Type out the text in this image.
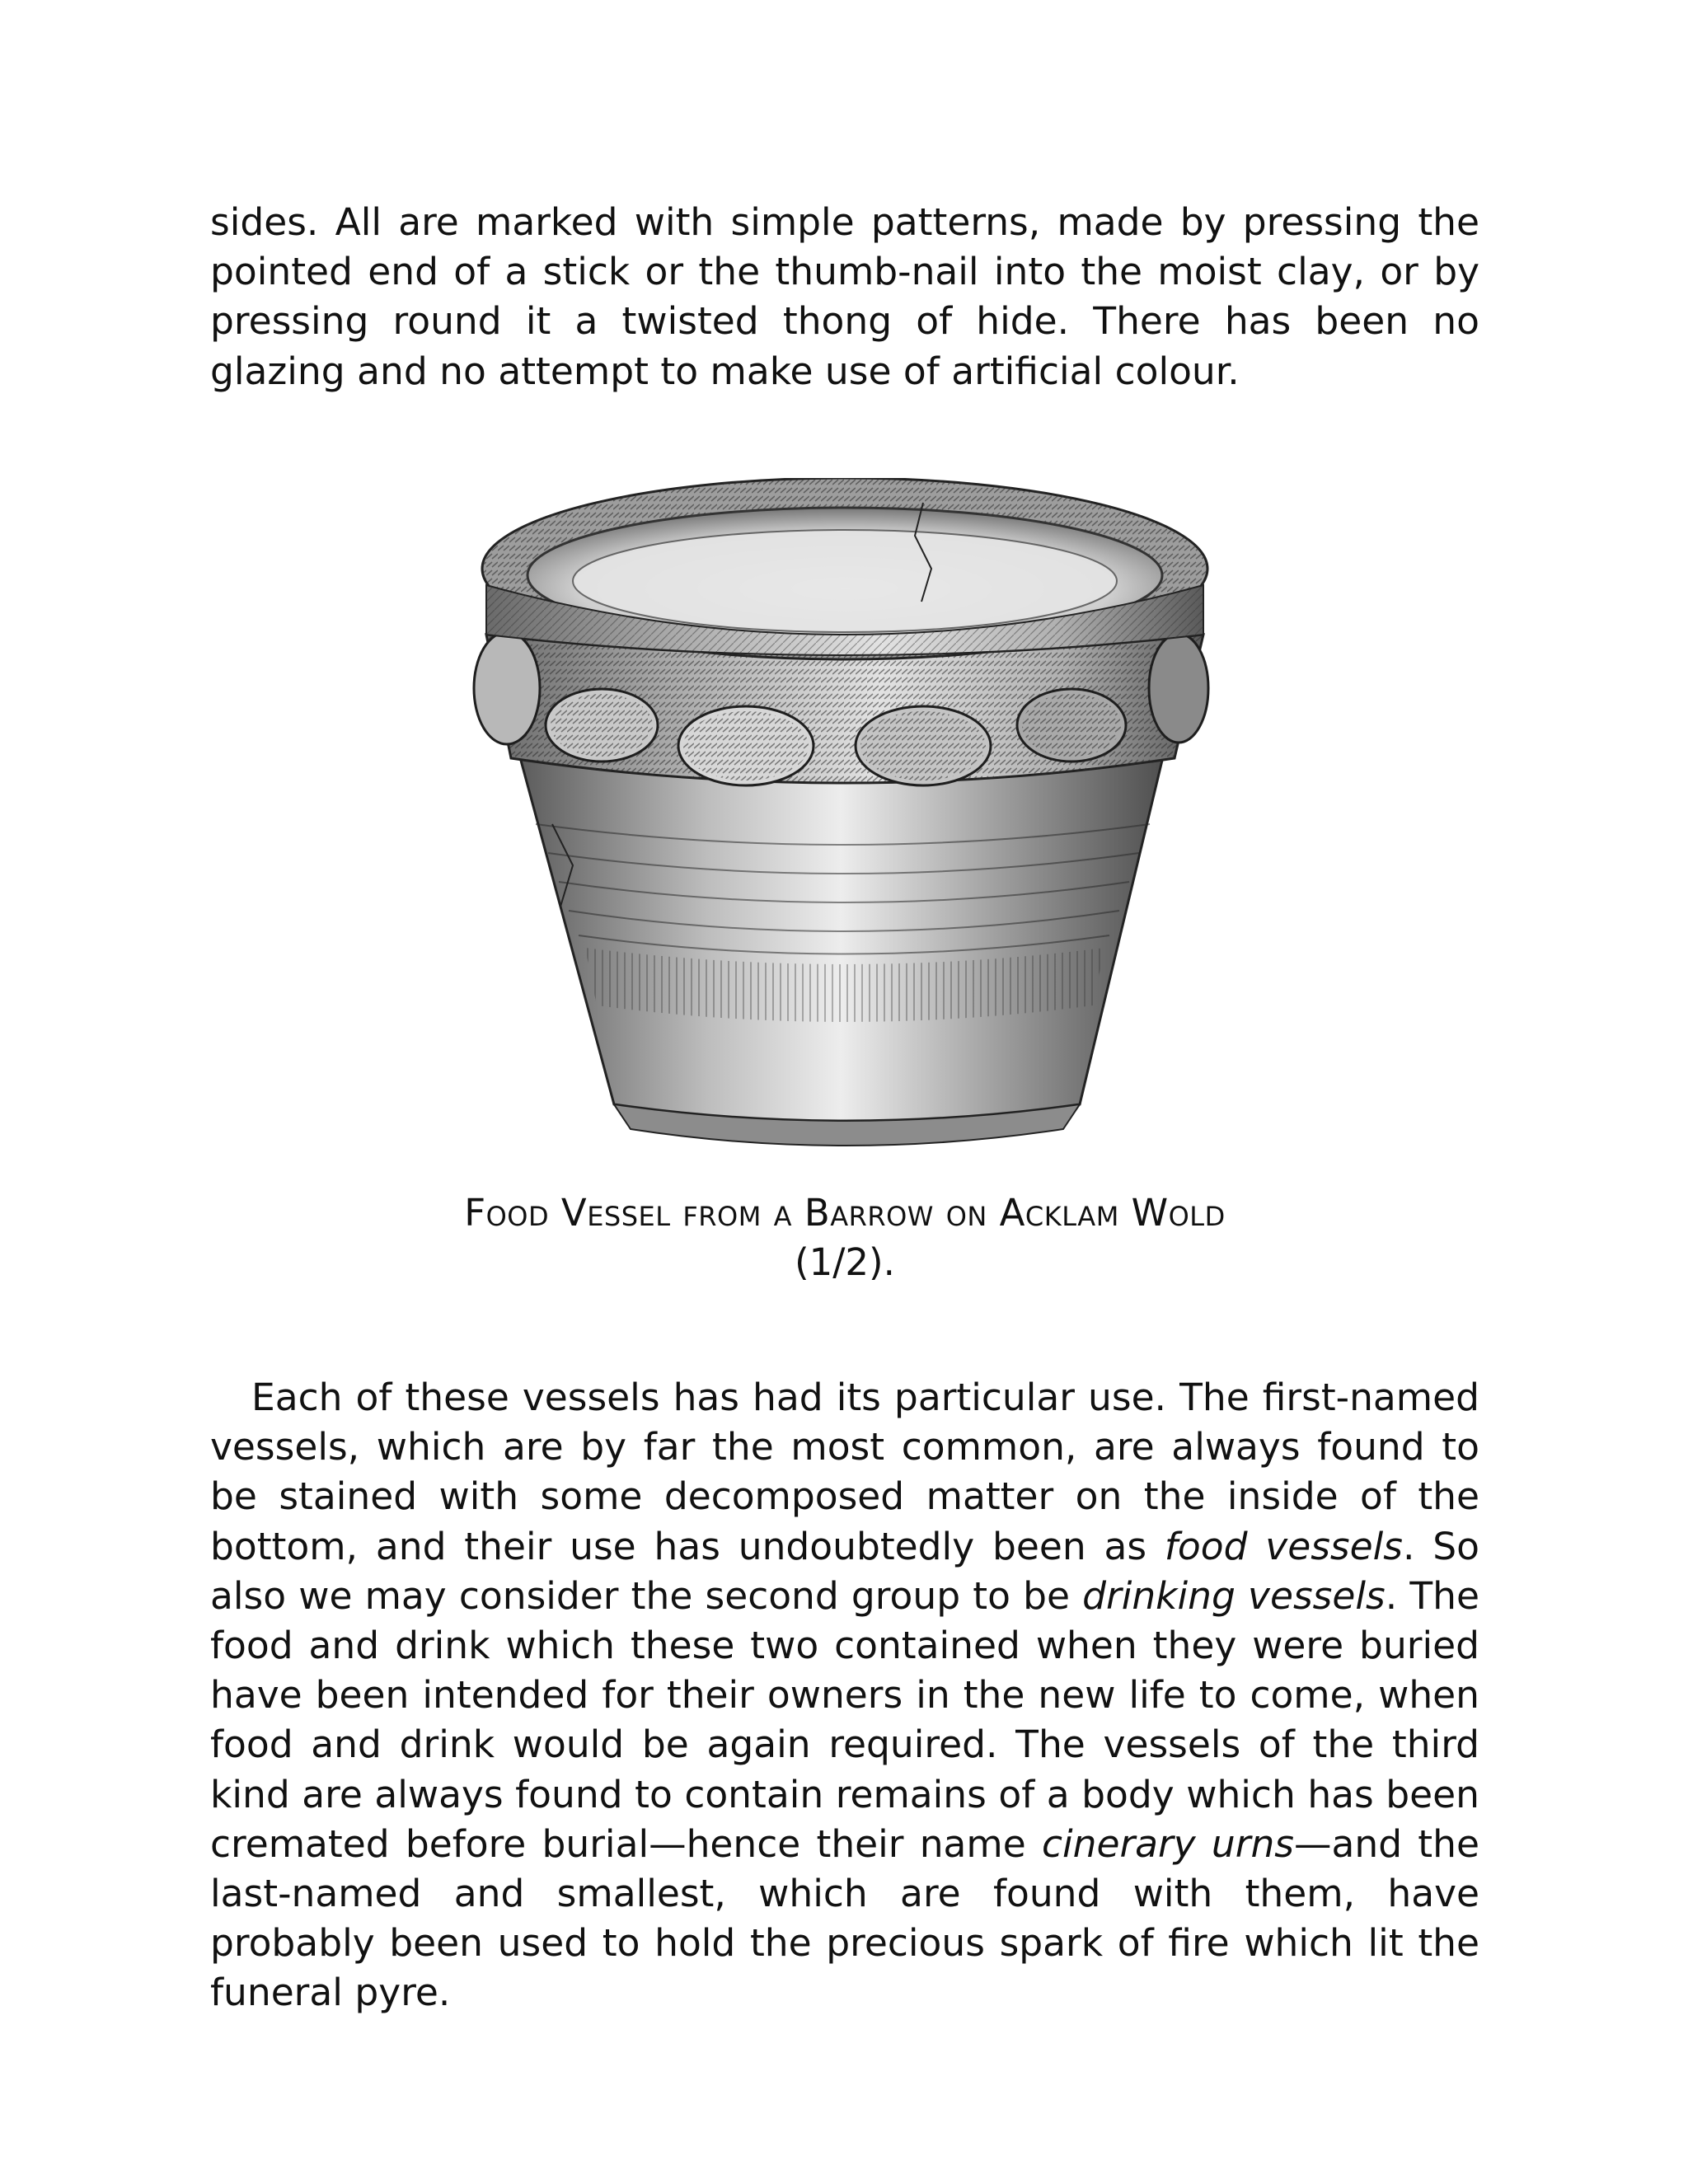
sides. All are marked with simple patterns, made by pressing the pointed end of a stick or the thumb-nail into the moist clay, or by pressing round it a twisted thong of hide. There has been no glazing and no attempt to make use of artificial colour.

Food Vessel from a Barrow on Acklam Wold
(1/2).

Each of these vessels has had its particular use. The first-named vessels, which are by far the most common, are always found to be stained with some decomposed matter on the inside of the bottom, and their use has undoubtedly been as food vessels. So also we may consider the second group to be drinking vessels. The food and drink which these two contained when they were buried have been intended for their owners in the new life to come, when food and drink would be again required. The vessels of the third kind are always found to contain remains of a body which has been cremated before burial—hence their name cinerary urns—and the last-named and smallest, which are found with them, have probably been used to hold the precious spark of fire which lit the funeral pyre.
